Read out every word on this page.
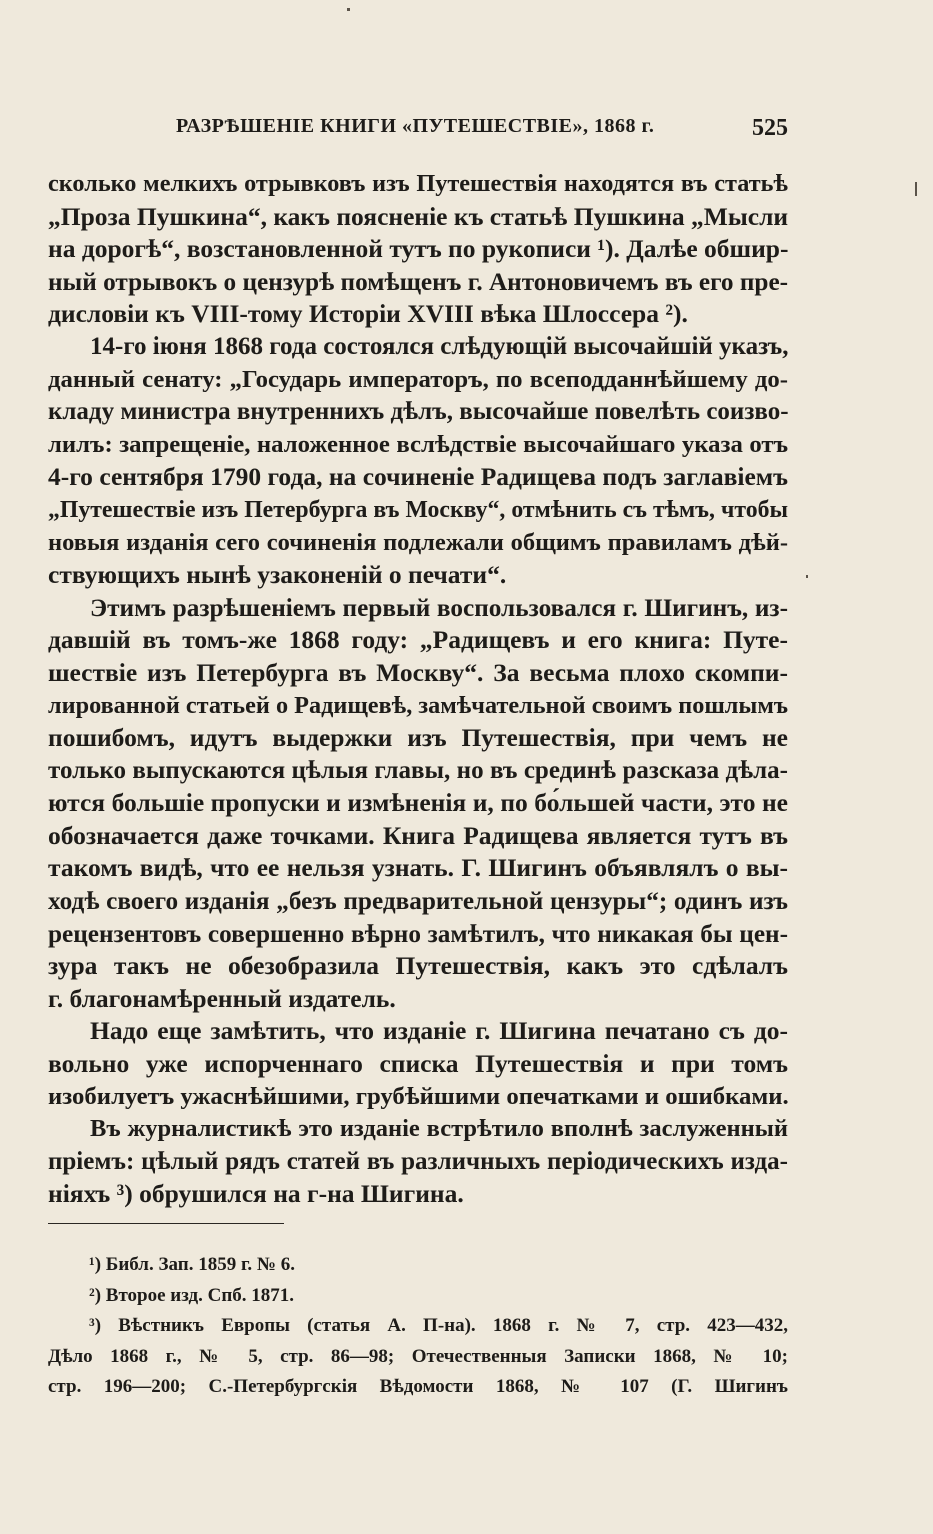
РАЗРѢШЕНІЕ КНИГИ «ПУТЕШЕСТВІЕ», 1868 г.	525
сколько мелкихъ отрывковъ изъ Путешествія находятся въ статьѣ
„Проза Пушкина“, какъ поясненіе къ статьѣ Пушкина „Мысли
на дорогѣ“, возстановленной тутъ по рукописи ¹). Далѣе обшир-
ный отрывокъ о цензурѣ помѣщенъ г. Антоновичемъ въ его пре-
дисловіи къ VIII-тому Исторіи XVIII вѣка Шлоссера ²).
14-го іюня 1868 года состоялся слѣдующій высочайшій указъ,
данный сенату: „Государь императоръ, по всеподданнѣйшему до-
кладу министра внутреннихъ дѣлъ, высочайше повелѣть соизво-
лилъ: запрещеніе, наложенное вслѣдствіе высочайшаго указа отъ
4-го сентября 1790 года, на сочиненіе Радищева подъ заглавіемъ
„Путешествіе изъ Петербурга въ Москву“, отмѣнить съ тѣмъ, чтобы
новыя изданія сего сочиненія подлежали общимъ правиламъ дѣй-
ствующихъ нынѣ узаконеній о печати“.
Этимъ разрѣшеніемъ первый воспользовался г. Шигинъ, из-
давшій въ томъ-же 1868 году: „Радищевъ и его книга: Путе-
шествіе изъ Петербурга въ Москву“. За весьма плохо скомпи-
лированной статьей о Радищевѣ, замѣчательной своимъ пошлымъ
пошибомъ, идутъ выдержки изъ Путешествія, при чемъ не
только выпускаются цѣлыя главы, но въ срединѣ разсказа дѣла-
ются большіе пропуски и измѣненія и, по бо́льшей части, это не
обозначается даже точками. Книга Радищева является тутъ въ
такомъ видѣ, что ее нельзя узнать. Г. Шигинъ объявлялъ о вы-
ходѣ своего изданія „безъ предварительной цензуры“; одинъ изъ
рецензентовъ совершенно вѣрно замѣтилъ, что никакая бы цен-
зура такъ не обезобразила Путешествія, какъ это сдѣлалъ
г. благонамѣренный издатель.
Надо еще замѣтить, что изданіе г. Шигина печатано съ до-
вольно уже испорченнаго списка Путешествія и при томъ
изобилуетъ ужаснѣйшими, грубѣйшими опечатками и ошибками.
Въ журналистикѣ это изданіе встрѣтило вполнѣ заслуженный
пріемъ: цѣлый рядъ статей въ различныхъ періодическихъ изда-
ніяхъ ³) обрушился на г-на Шигина.
¹) Библ. Зап. 1859 г. № 6.
²) Второе изд. Спб. 1871.
³) Вѣстникъ Европы (статья А. П-на). 1868 г. № 7, стр. 423—432,
Дѣло 1868 г., № 5, стр. 86—98; Отечественныя Записки 1868, № 10;
стр. 196—200; С.-Петербургскія Вѣдомости 1868, № 107 (Г. Шигинъ
